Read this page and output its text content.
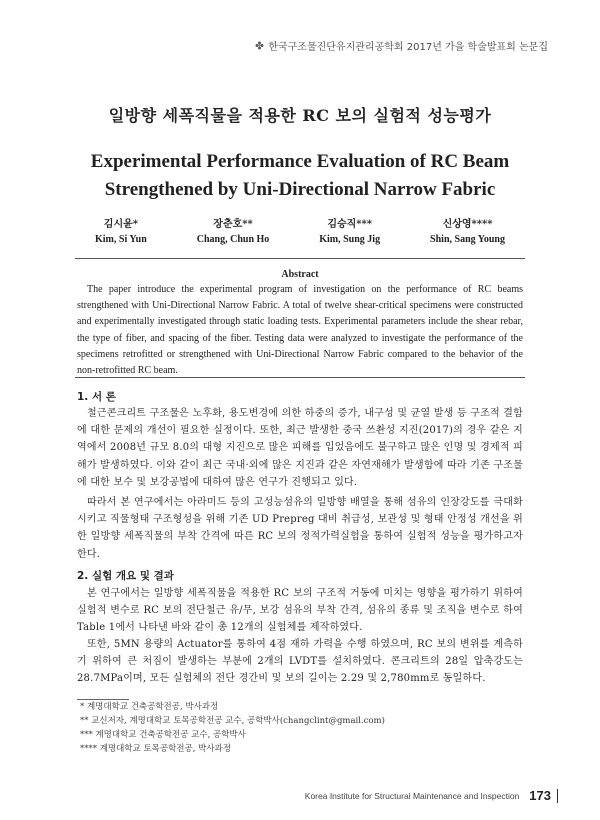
한국구조물진단유지관리공학회 2017년 가을 학술발표회 논문집
일방향 세폭직물을 적용한 RC 보의 실험적 성능평가
Experimental Performance Evaluation of RC Beam
Strengthened by Uni-Directional Narrow Fabric
김시윤*
Kim, Si Yun
장춘호**
Chang, Chun Ho
김승직***
Kim, Sung Jig
신상영****
Shin, Sang Young
Abstract
The paper introduce the experimental program of investigation on the performance of RC beams strengthened with Uni-Directional Narrow Fabric. A total of twelve shear-critical specimens were constructed and experimentally investigated through static loading tests. Experimental parameters include the shear rebar, the type of fiber, and spacing of the fiber. Testing data were analyzed to investigate the performance of the specimens retrofitted or strengthened with Uni-Directional Narrow Fabric compared to the behavior of the non-retrofitted RC beam.
1. 서 론
철근콘크리트 구조물은 노후화, 용도변경에 의한 하중의 증가, 내구성 및 균열 발생 등 구조적 결함에 대한 문제의 개선이 필요한 실정이다. 또한, 최근 발생한 중국 쓰촨성 지진(2017)의 경우 같은 지역에서 2008년 규모 8.0의 대형 지진으로 많은 피해를 입었음에도 불구하고 많은 인명 및 경제적 피해가 발생하였다. 이와 같이 최근 국내·외에 많은 지진과 같은 자연재해가 발생함에 따라 기존 구조물에 대한 보수 및 보강공법에 대하여 많은 연구가 진행되고 있다.
따라서 본 연구에서는 아라미드 등의 고성능섬유의 일방향 배열을 통해 섬유의 인장강도를 극대화 시키고 직물형태 구조형성을 위해 기존 UD Prepreg 대비 취급성, 보관성 및 형태 안정성 개선을 위한 일방향 세폭직물의 부착 간격에 따른 RC 보의 정적가력실험을 통하여 실험적 성능을 평가하고자 한다.
2. 실험 개요 및 결과
본 연구에서는 일방향 세폭직물을 적용한 RC 보의 구조적 거동에 미치는 영향을 평가하기 위하여 실험적 변수로 RC 보의 전단철근 유/무, 보강 섬유의 부착 간격, 섬유의 종류 및 조직을 변수로 하여 Table 1에서 나타낸 바와 같이 총 12개의 실험체를 제작하였다.
또한, 5MN 용량의 Actuator를 통하여 4점 재하 가력을 수행 하였으며, RC 보의 변위를 계측하기 위하여 큰 처짐이 발생하는 부분에 2개의 LVDT를 설치하였다. 콘크리트의 28일 압축강도는 28.7MPa이며, 모든 실험체의 전단 경간비 및 보의 길이는 2.29 및 2,780mm로 동일하다.
* 계명대학교 건축공학전공, 박사과정
** 교신저자, 계명대학교 토목공학전공 교수, 공학박사(changclint@gmail.com)
*** 계명대학교 건축공학전공 교수, 공학박사
**** 계명대학교 토목공학전공, 박사과정
Korea Institute for Structural Maintenance and Inspection 173
